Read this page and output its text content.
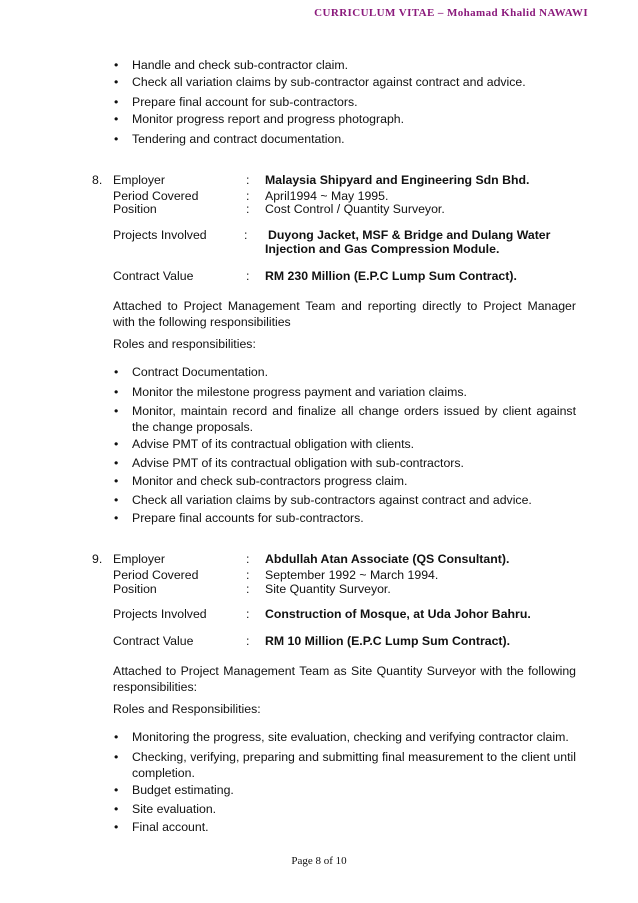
CURRICULUM VITAE – Mohamad Khalid NAWAWI
• Handle and check sub-contractor claim.
• Check all variation claims by sub-contractor against contract and advice.
• Prepare final account for sub-contractors.
• Monitor progress report and progress photograph.
• Tendering and contract documentation.
8. Employer	: Malaysia Shipyard and Engineering Sdn Bhd.
Period Covered	: April1994 ~ May 1995.
Position	: Cost Control / Quantity Surveyor.
Projects Involved	: Duyong Jacket, MSF & Bridge and Dulang Water
Injection and Gas Compression Module.
Contract Value	: RM 230 Million (E.P.C Lump Sum Contract).
Attached to Project Management Team and reporting directly to Project Manager with the following responsibilities
Roles and responsibilities:
• Contract Documentation.
• Monitor the milestone progress payment and variation claims.
• Monitor, maintain record and finalize all change orders issued by client against the change proposals.
• Advise PMT of its contractual obligation with clients.
• Advise PMT of its contractual obligation with sub-contractors.
• Monitor and check sub-contractors progress claim.
• Check all variation claims by sub-contractors against contract and advice.
• Prepare final accounts for sub-contractors.
9. Employer	: Abdullah Atan Associate (QS Consultant).
Period Covered	: September 1992 ~ March 1994.
Position	: Site Quantity Surveyor.
Projects Involved	: Construction of Mosque, at Uda Johor Bahru.
Contract Value	: RM 10 Million (E.P.C Lump Sum Contract).
Attached to Project Management Team as Site Quantity Surveyor with the following responsibilities:
Roles and Responsibilities:
• Monitoring the progress, site evaluation, checking and verifying contractor claim.
• Checking, verifying, preparing and submitting final measurement to the client until completion.
• Budget estimating.
• Site evaluation.
• Final account.
Page 8 of 10
